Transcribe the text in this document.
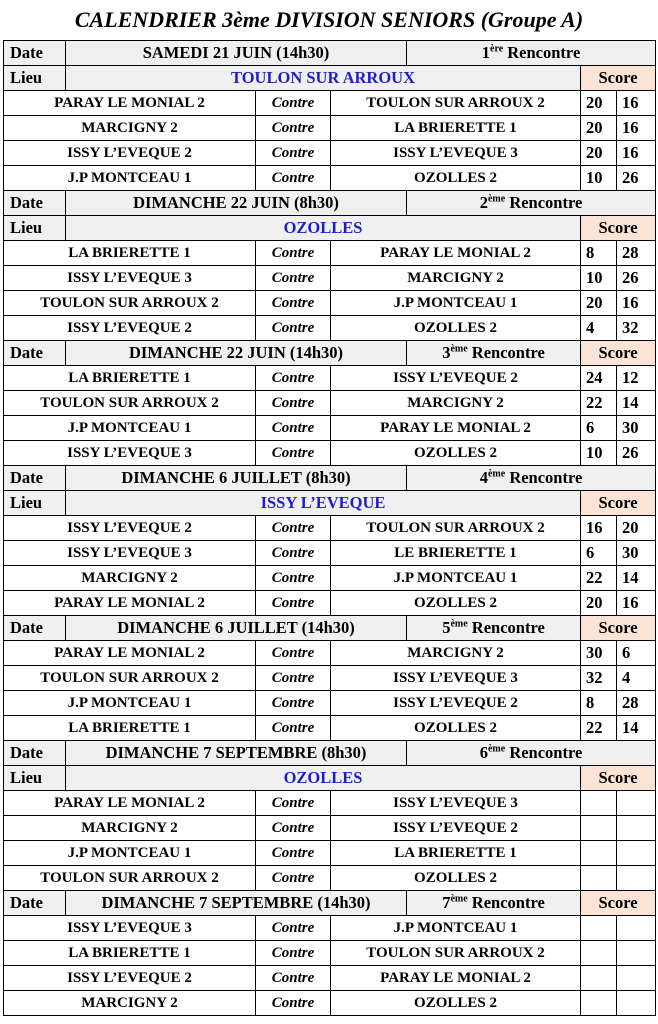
CALENDRIER 3ème DIVISION SENIORS (Groupe A)
Date	SAMEDI 21 JUIN (14h30)			1ère Rencontre		
Lieu	TOULON SUR ARROUX				Score	
PARAY LE MONIAL 2		Contre	TOULON SUR ARROUX 2		20	16
MARCIGNY 2		Contre	LA BRIERETTE 1		20	16
ISSY L’EVEQUE 2		Contre	ISSY L’EVEQUE 3		20	16
J.P MONTCEAU 1		Contre	OZOLLES 2		10	26
Date	DIMANCHE 22 JUIN (8h30)			2ème Rencontre		
Lieu	OZOLLES				Score	
LA BRIERETTE 1		Contre	PARAY LE MONIAL 2		8	28
ISSY L’EVEQUE 3		Contre	MARCIGNY 2		10	26
TOULON SUR ARROUX 2		Contre	J.P MONTCEAU 1		20	16
ISSY L’EVEQUE 2		Contre	OZOLLES 2		4	32
Date	DIMANCHE 22 JUIN (14h30)			3ème Rencontre	Score	
LA BRIERETTE 1		Contre	ISSY L’EVEQUE 2		24	12
TOULON SUR ARROUX 2		Contre	MARCIGNY 2		22	14
J.P MONTCEAU 1		Contre	PARAY LE MONIAL 2		6	30
ISSY L’EVEQUE 3		Contre	OZOLLES 2		10	26
Date	DIMANCHE 6 JUILLET (8h30)			4ème Rencontre		
Lieu	ISSY L’EVEQUE				Score	
ISSY L’EVEQUE 2		Contre	TOULON SUR ARROUX 2		16	20
ISSY L’EVEQUE 3		Contre	LE BRIERETTE 1		6	30
MARCIGNY 2		Contre	J.P MONTCEAU 1		22	14
PARAY LE MONIAL 2		Contre	OZOLLES 2		20	16
Date	DIMANCHE 6 JUILLET (14h30)			5ème Rencontre	Score	
PARAY LE MONIAL 2		Contre	MARCIGNY 2		30	6
TOULON SUR ARROUX 2		Contre	ISSY L’EVEQUE 3		32	4
J.P MONTCEAU 1		Contre	ISSY L’EVEQUE 2		8	28
LA BRIERETTE 1		Contre	OZOLLES 2		22	14
Date	DIMANCHE 7 SEPTEMBRE (8h30)			6ème Rencontre		
Lieu	OZOLLES				Score	
PARAY LE MONIAL 2		Contre	ISSY L’EVEQUE 3			
MARCIGNY 2		Contre	ISSY L’EVEQUE 2			
J.P MONTCEAU 1		Contre	LA BRIERETTE 1			
TOULON SUR ARROUX 2		Contre	OZOLLES 2			
Date	DIMANCHE 7 SEPTEMBRE (14h30)			7ème Rencontre	Score	
ISSY L’EVEQUE 3		Contre	J.P MONTCEAU 1			
LA BRIERETTE 1		Contre	TOULON SUR ARROUX 2			
ISSY L’EVEQUE 2		Contre	PARAY LE MONIAL 2			
MARCIGNY 2		Contre	OZOLLES 2			
